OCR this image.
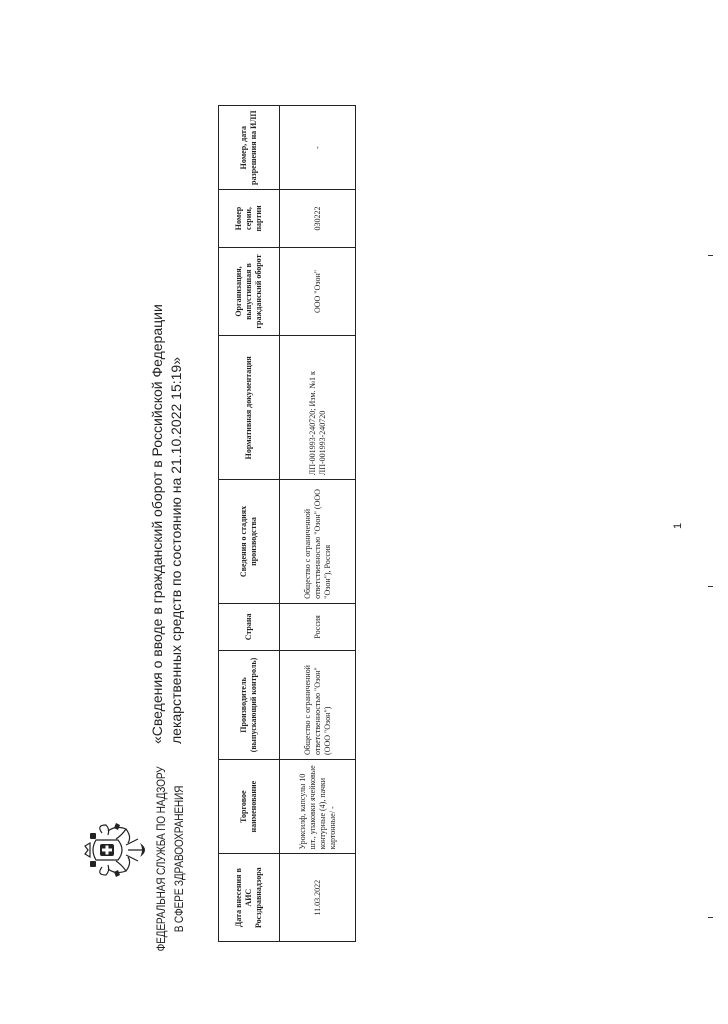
ФЕДЕРАЛЬНАЯ СЛУЖБА ПО НАДЗОРУ В СФЕРЕ ЗДРАВООХРАНЕНИЯ
«Сведения о вводе в гражданский оборот в Российской Федерации лекарственных средств по состоянию на 21.10.2022 15:19»
Дата внесения в АИС Росздравнадзора	Торговое наименование	Производитель (выпускающий контроль)	Страна	Сведения о стадиях производства	Нормативная документация	Организация, выпустившая в гражданский оборот	Номер серии, партии	Номер, дата разрешения на ИЛП
11.03.2022	Уроксилф, капсулы 10 шт., упаковки ячейковые контурные (4), пачки картонные/ -	Общество с ограниченной ответственностью "Озон" (ООО "Озон")	Россия	Общество с ограниченной ответственностью "Озон" (ООО "Озон"), Россия	ЛП-001993-240720; Изм. №1 к ЛП-001993-240720	ООО "Озон"	030222	-
1
